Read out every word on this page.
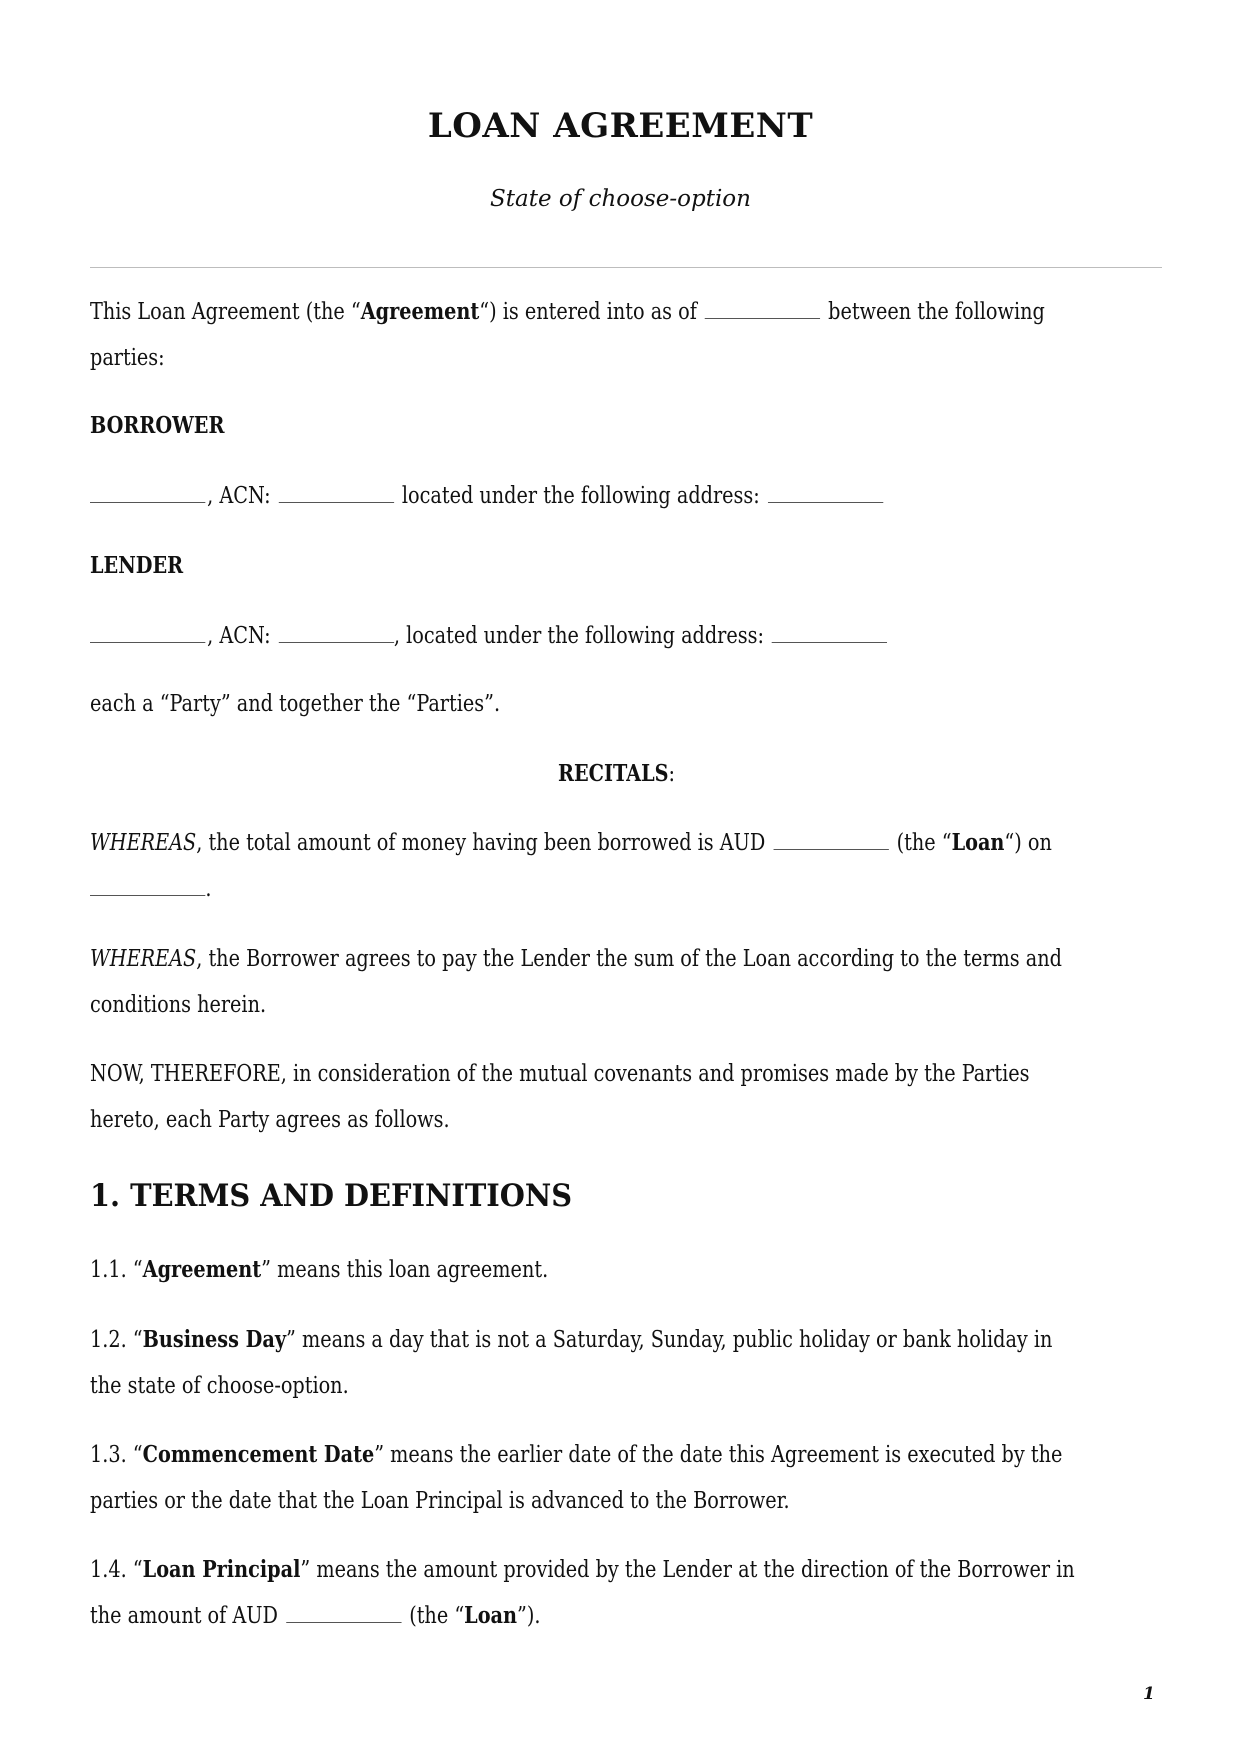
LOAN AGREEMENT
State of choose-option
This Loan Agreement (the “Agreement“) is entered into as of	between the following
parties:
BORROWER
, ACN:	located under the following address:
LENDER
, ACN:	, located under the following address:
each a “Party” and together the “Parties”.
RECITALS:
WHEREAS, the total amount of money having been borrowed is AUD	(the “Loan“) on
.
WHEREAS, the Borrower agrees to pay the Lender the sum of the Loan according to the terms and
conditions herein.
NOW, THEREFORE, in consideration of the mutual covenants and promises made by the Parties
hereto, each Party agrees as follows.
1. TERMS AND DEFINITIONS
1.1. “Agreement” means this loan agreement.
1.2. “Business Day” means a day that is not a Saturday, Sunday, public holiday or bank holiday in
the state of choose-option.
1.3. “Commencement Date” means the earlier date of the date this Agreement is executed by the
parties or the date that the Loan Principal is advanced to the Borrower.
1.4. “Loan Principal” means the amount provided by the Lender at the direction of the Borrower in
the amount of AUD	(the “Loan”).
1
